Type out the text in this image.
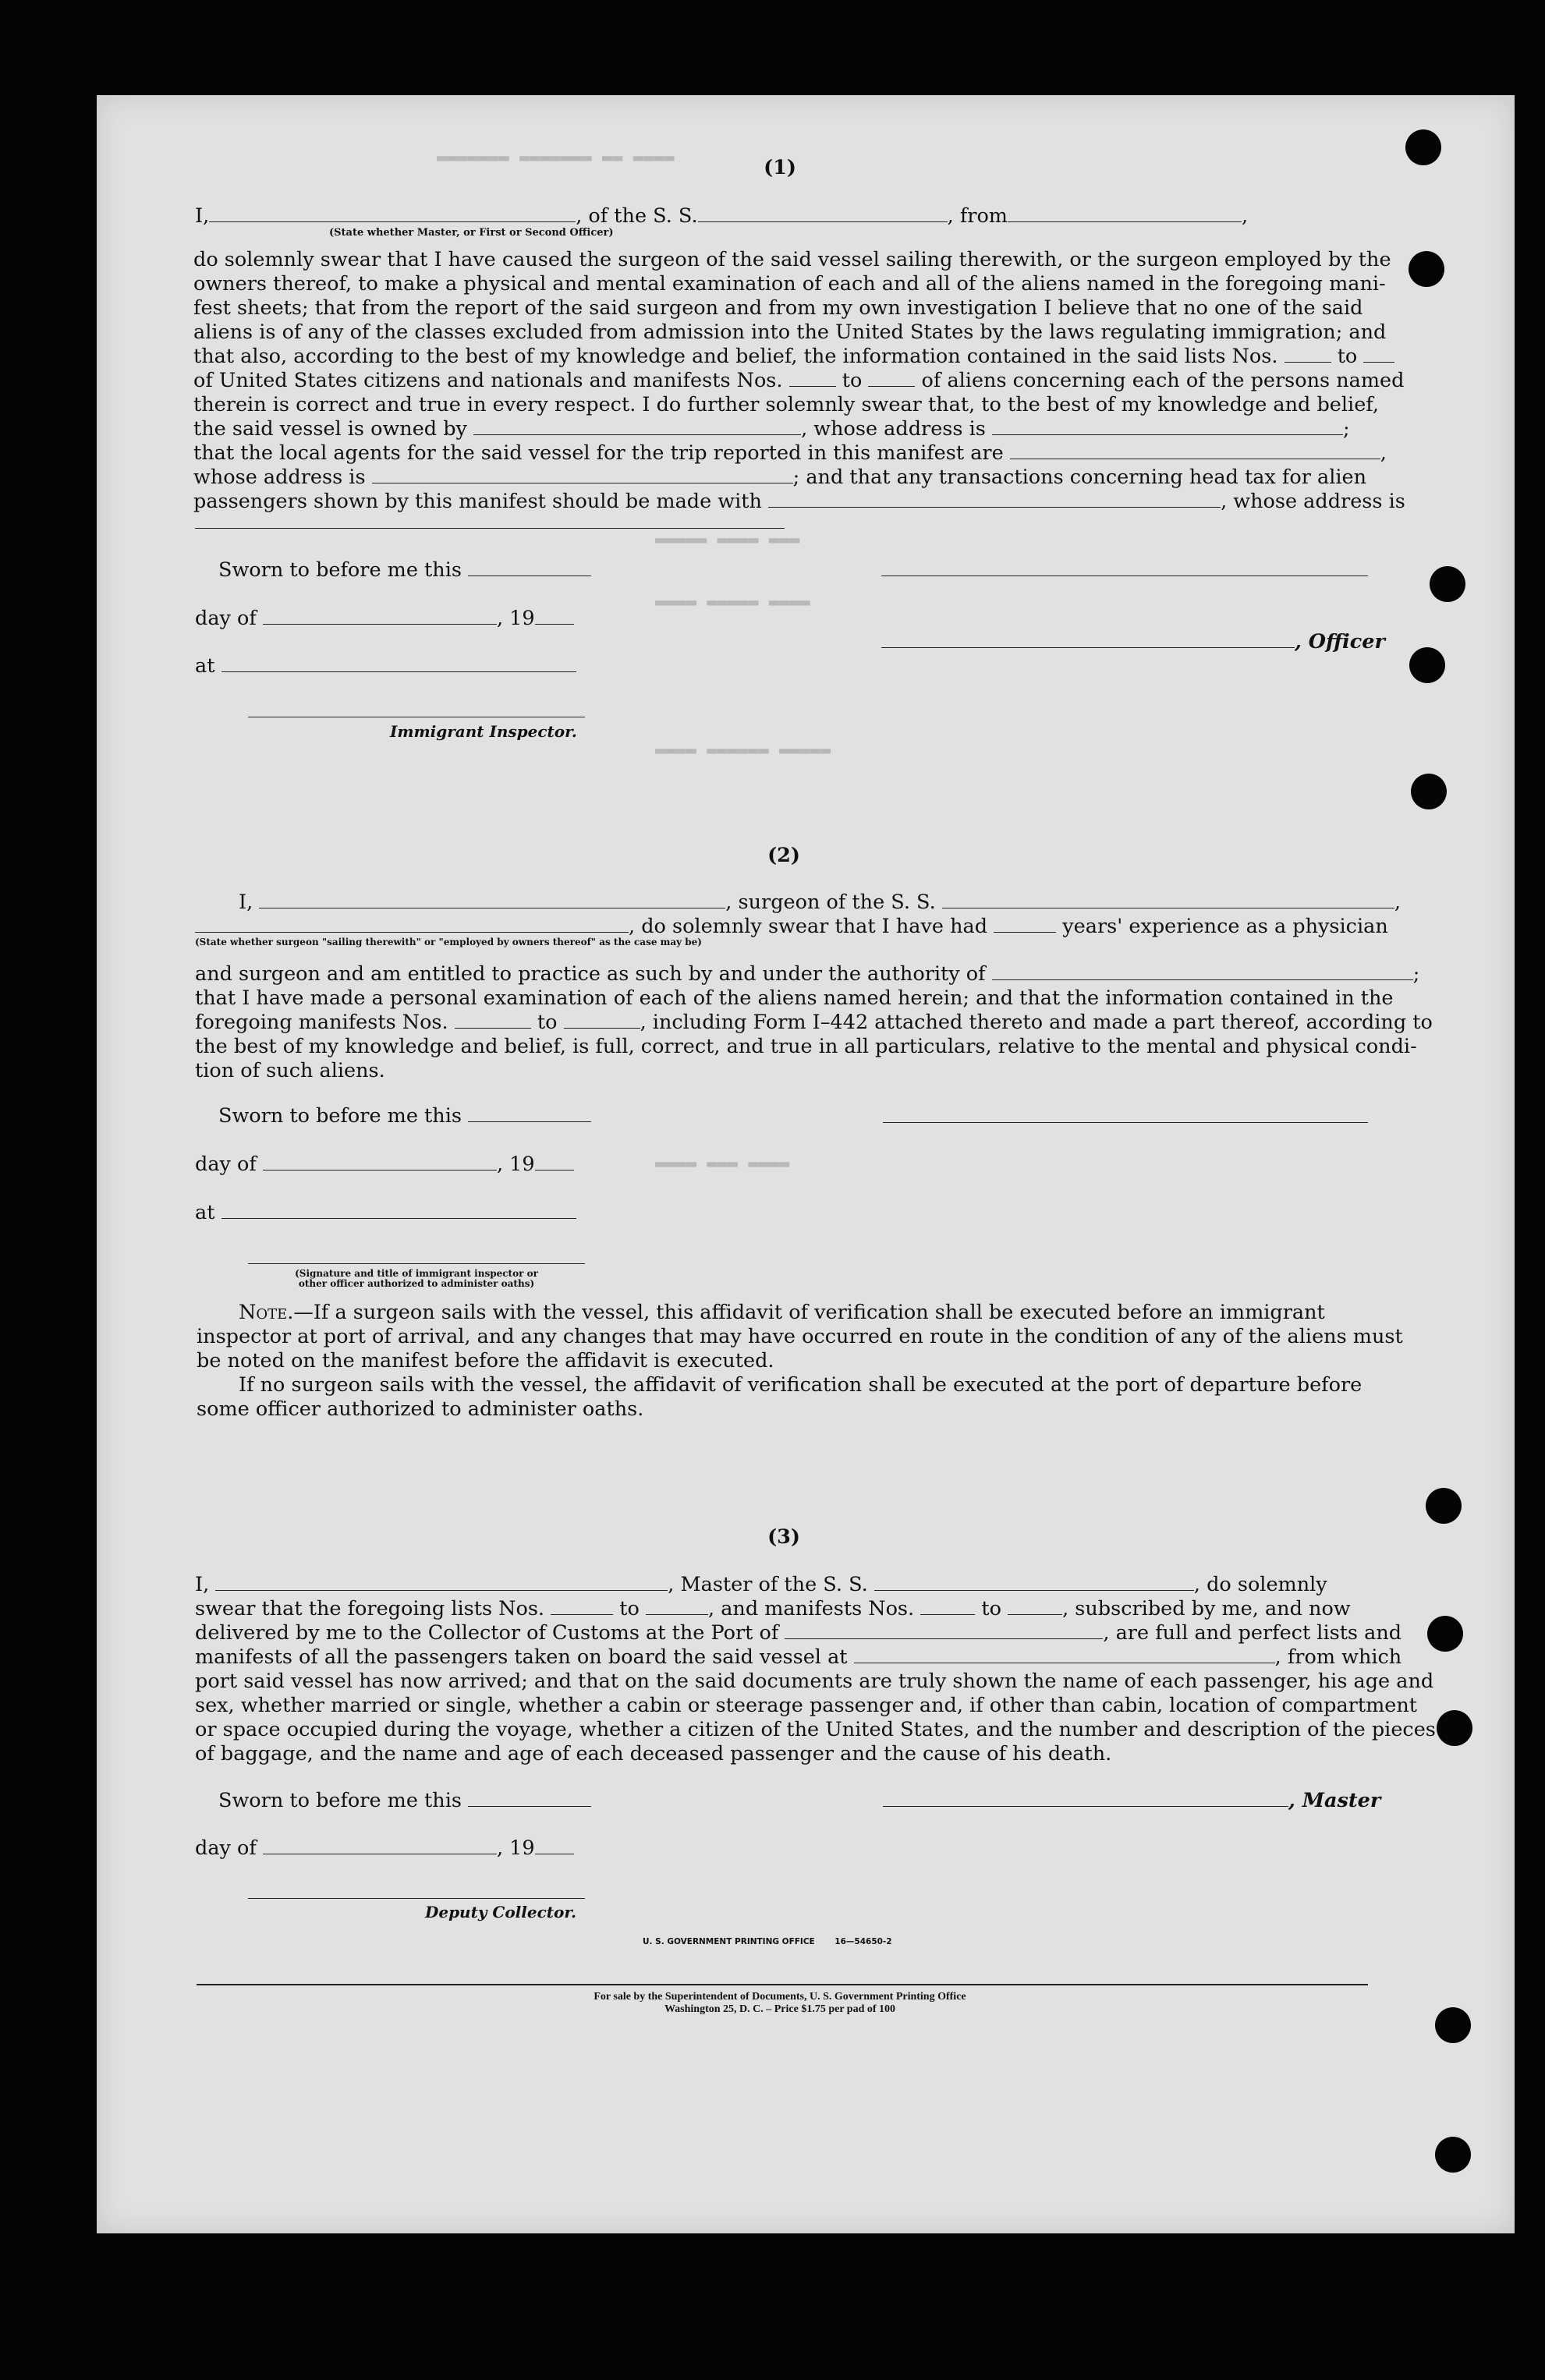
▬▬▬▬ ▬▬ ▬▬▬▬▬▬▬ ▬▬▬▬▬▬▬
▬▬▬ ▬▬▬▬ ▬▬▬▬▬
▬▬▬▬ ▬▬▬▬▬ ▬▬▬▬
▬▬▬▬▬ ▬▬▬▬▬▬ ▬▬▬▬
▬▬▬▬ ▬▬▬ ▬▬▬▬
(1)
I,	, of the S. S.	, from	,
(State whether Master, or First or Second Officer)
do solemnly swear that I have caused the surgeon of the said vessel sailing therewith, or the surgeon employed by the
owners thereof, to make a physical and mental examination of each and all of the aliens named in the foregoing mani-
fest sheets; that from the report of the said surgeon and from my own investigation I believe that no one of the said
aliens is of any of the classes excluded from admission into the United States by the laws regulating immigration; and
that also, according to the best of my knowledge and belief, the information contained in the said lists Nos.	to
of United States citizens and nationals and manifests Nos.	to	of aliens concerning each of the persons named
therein is correct and true in every respect. I do further solemnly swear that, to the best of my knowledge and belief,
the said vessel is owned by	, whose address is	;
that the local agents for the said vessel for the trip reported in this manifest are	,
whose address is	; and that any transactions concerning head tax for alien
passengers shown by this manifest should be made with	, whose address is
Sworn to before me this
day of	, 19
, Officer
at
Immigrant Inspector.
(2)
I,	, surgeon of the S. S.	,
, do solemnly swear that I have had	years' experience as a physician
(State whether surgeon "sailing therewith" or "employed by owners thereof" as the case may be)
and surgeon and am entitled to practice as such by and under the authority of	;
that I have made a personal examination of each of the aliens named herein; and that the information contained in the
foregoing manifests Nos.	to	, including Form I–442 attached thereto and made a part thereof, according to
the best of my knowledge and belief, is full, correct, and true in all particulars, relative to the mental and physical condi-
tion of such aliens.
Sworn to before me this
day of	, 19
at
(Signature and title of immigrant inspector or
other officer authorized to administer oaths)
Note.—If a surgeon sails with the vessel, this affidavit of verification shall be executed before an immigrant
inspector at port of arrival, and any changes that may have occurred en route in the condition of any of the aliens must
be noted on the manifest before the affidavit is executed.
If no surgeon sails with the vessel, the affidavit of verification shall be executed at the port of departure before
some officer authorized to administer oaths.
(3)
I,	, Master of the S. S.	, do solemnly
swear that the foregoing lists Nos.	to	, and manifests Nos.	to	, subscribed by me, and now
delivered by me to the Collector of Customs at the Port of	, are full and perfect lists and
manifests of all the passengers taken on board the said vessel at	, from which
port said vessel has now arrived; and that on the said documents are truly shown the name of each passenger, his age and
sex, whether married or single, whether a cabin or steerage passenger and, if other than cabin, location of compartment
or space occupied during the voyage, whether a citizen of the United States, and the number and description of the pieces
of baggage, and the name and age of each deceased passenger and the cause of his death.
Sworn to before me this	, Master
day of	, 19
Deputy Collector.
U. S. GOVERNMENT PRINTING OFFICE       16—54650-2
For sale by the Superintendent of Documents, U. S. Government Printing Office
Washington 25, D. C. – Price $1.75 per pad of 100
